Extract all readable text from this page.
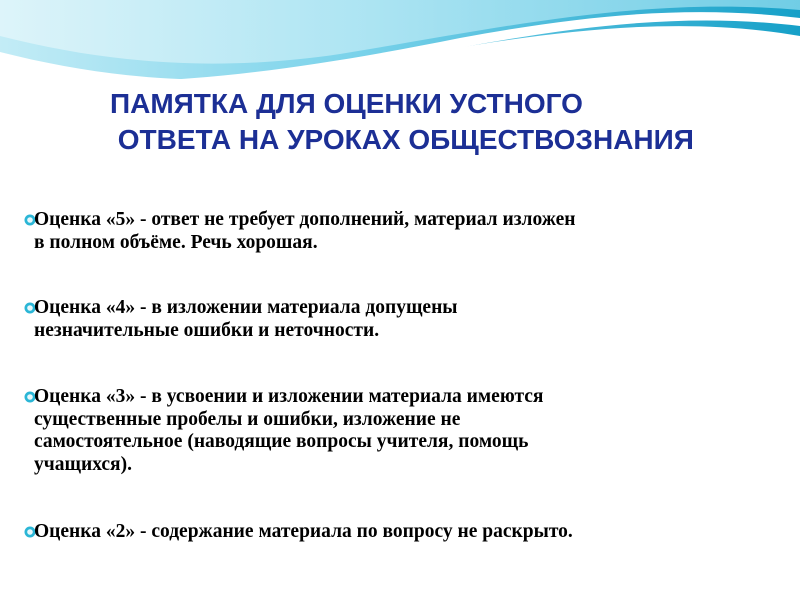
ПАМЯТКА ДЛЯ ОЦЕНКИ УСТНОГО
ОТВЕТА НА УРОКАХ ОБЩЕСТВОЗНАНИЯ
Оценка «5» - ответ не требует дополнений, материал изложен
в полном объёме. Речь хорошая.
Оценка «4» - в изложении материала допущены
незначительные ошибки и неточности.
Оценка «3» - в усвоении и изложении материала имеются
существенные пробелы и ошибки, изложение не
самостоятельное (наводящие вопросы учителя, помощь
учащихся).
Оценка «2» - содержание материала по вопросу не раскрыто.
